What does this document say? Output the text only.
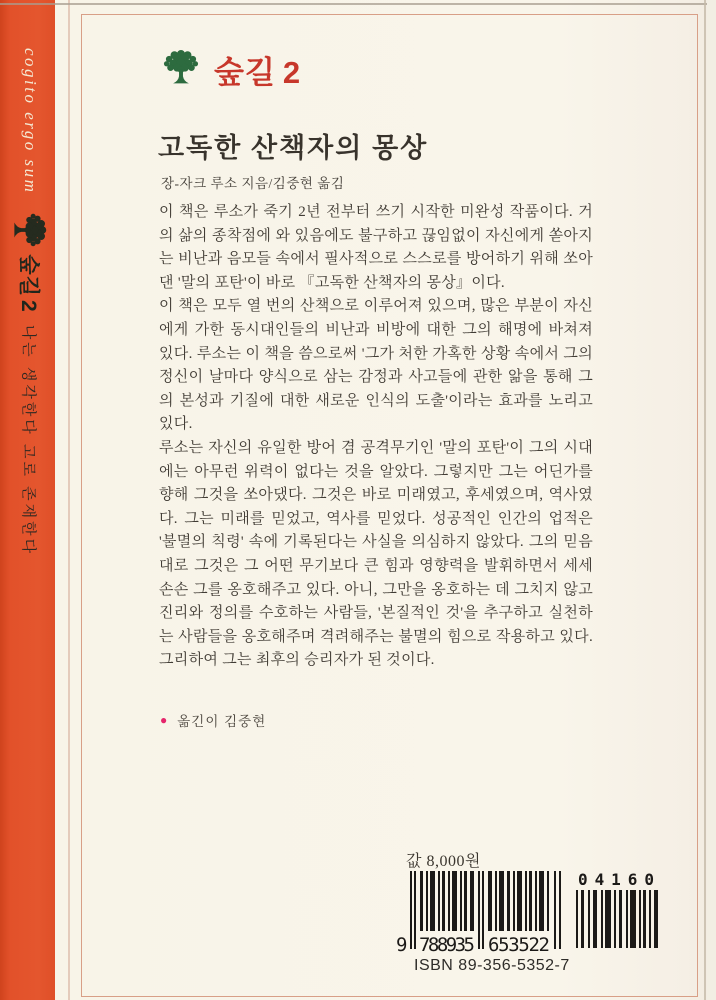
cogito ergo sum
숲길2
나는 생각한다 고로 존재한다
숲길 2
고독한 산책자의 몽상
장-자크 루소 지음/김중현 옮김

이 책은 루소가 죽기 2년 전부터 쓰기 시작한 미완성 작품이다. 거의 삶의 종착점에 와 있음에도 불구하고 끊임없이 자신에게 쏟아지는 비난과 음모들 속에서 필사적으로 스스로를 방어하기 위해 쏘아댄 '말의 포탄'이 바로 『고독한 산책자의 몽상』이다.

이 책은 모두 열 번의 산책으로 이루어져 있으며, 많은 부분이 자신에게 가한 동시대인들의 비난과 비방에 대한 그의 해명에 바쳐져 있다. 루소는 이 책을 씀으로써 '그가 처한 가혹한 상황 속에서 그의 정신이 날마다 양식으로 삼는 감정과 사고들에 관한 앎을 통해 그의 본성과 기질에 대한 새로운 인식의 도출'이라는 효과를 노리고 있다.

루소는 자신의 유일한 방어 겸 공격무기인 '말의 포탄'이 그의 시대에는 아무런 위력이 없다는 것을 알았다. 그렇지만 그는 어딘가를 향해 그것을 쏘아댔다. 그것은 바로 미래였고, 후세였으며, 역사였다. 그는 미래를 믿었고, 역사를 믿었다. 성공적인 인간의 업적은 '불멸의 칙령' 속에 기록된다는 사실을 의심하지 않았다. 그의 믿음대로 그것은 그 어떤 무기보다 큰 힘과 영향력을 발휘하면서 세세손손 그를 옹호해주고 있다. 아니, 그만을 옹호하는 데 그치지 않고 진리와 정의를 수호하는 사람들, '본질적인 것'을 추구하고 실천하는 사람들을 옹호해주며 격려해주는 불멸의 힘으로 작용하고 있다. 그리하여 그는 최후의 승리자가 된 것이다.

● 옮긴이 김중현
값 8,000원
9 788935 653522
04160
ISBN 89-356-5352-7
